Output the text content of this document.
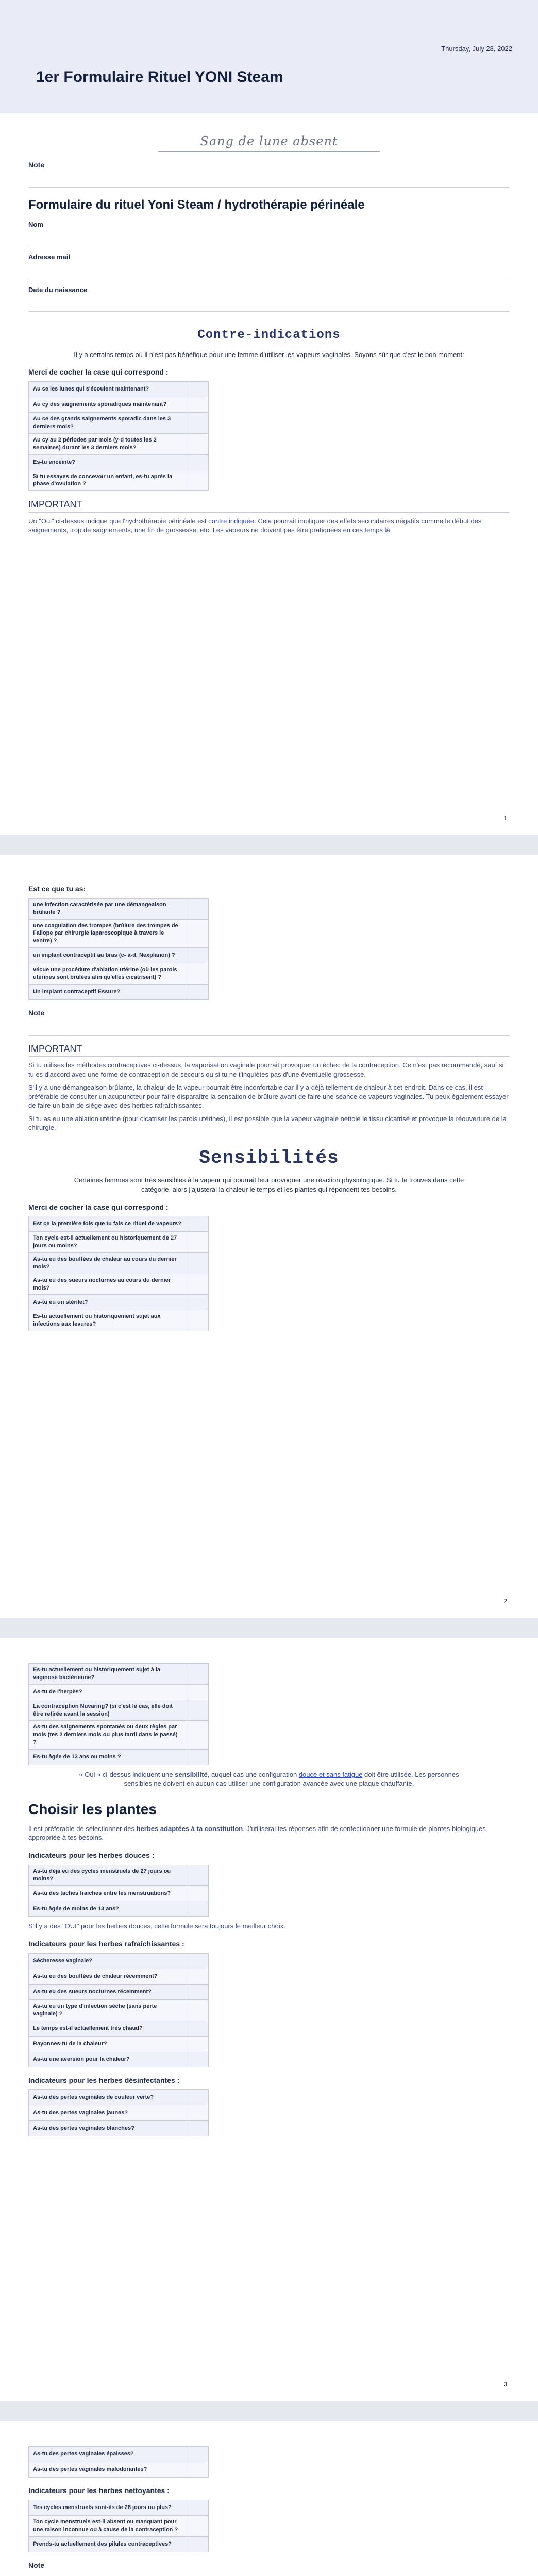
Thursday, July 28, 2022
1er Formulaire Rituel YONI Steam
Sang de lune absent
Note
Formulaire du rituel Yoni Steam / hydrothérapie périnéale
Nom
Adresse mail
Date du naissance
Contre-indications
Il y a certains temps où il n'est pas bénéfique pour une femme d'utiliser les vapeurs vaginales. Soyons sûr que c'est le bon moment:
Merci de cocher la case qui correspond :
Au ce les lunes qui s'écoulent maintenant?	
Au cy des saignements sporadiques maintenant?	
Au ce des grands saignements sporadic dans les 3 derniers mois?	
Au cy au 2 périodes par mois (y-d toutes les 2 semaines) durant les 3 derniers mois?	
Es-tu enceinte?	
Si tu essayes de concevoir un enfant, es-tu après la phase d'ovulation ?	
IMPORTANT
Un "Oui" ci-dessus indique que l'hydrothérapie périnéale est contre indiquée. Cela pourrait impliquer des effets secondaires négatifs comme le début des saignements, trop de saignements, une fin de grossesse, etc. Les vapeurs ne doivent pas être pratiquées en ces temps là.
1
Est ce que tu as:
une infection caractérisée par une démangeaison brûlante ?	
une coagulation des trompes (brûlure des trompes de Fallope par chirurgie laparoscopique à travers le ventre) ?	
un implant contraceptif au bras (c- à-d. Nexplanon) ?	
vécue une procédure d'ablation utérine (où les parois utérines sont brûlées afin qu'elles cicatrisent) ?	
Un implant contraceptif Essure?	
Note
IMPORTANT
Si tu utilises les méthodes contraceptives ci-dessus, la vaporisation vaginale pourrait provoquer un échec de la contraception. Ce n'est pas recommandé, sauf si tu es d'accord avec une forme de contraception de secours ou si tu ne t'inquiètes pas d'une éventuelle grossesse.
S'il y a une démangeaison brûlante, la chaleur de la vapeur pourrait être inconfortable car il y a déjà tellement de chaleur à cet endroit. Dans ce cas, il est préférable de consulter un acupuncteur pour faire disparaître la sensation de brûlure avant de faire une séance de vapeurs vaginales. Tu peux également essayer de faire un bain de siège avec des herbes rafraîchissantes.
Si tu as eu une ablation utérine (pour cicatriser les parois utérines), il est possible que la vapeur vaginale nettoie le tissu cicatrisé et provoque la réouverture de la chirurgie.
Sensibilités
Certaines femmes sont très sensibles à la vapeur qui pourrait leur provoquer une réaction physiologique. Si tu te trouves dans cette catégorie, alors j'ajusterai la chaleur le temps et les plantes qui répondent tes besoins.
Merci de cocher la case qui correspond :
Est ce la première fois que tu fais ce rituel de vapeurs?	
Ton cycle est-il actuellement ou historiquement de 27 jours ou moins?	
As-tu eu des bouffées de chaleur au cours du dernier mois?	
As-tu eu des sueurs nocturnes au cours du dernier mois?	
As-tu eu un stérilet?	
Es-tu actuellement ou historiquement sujet aux infections aux levures?	
2
Es-tu actuellement ou historiquement sujet à la vaginose bactérienne?	
As-tu de l'herpès?	
La contraception Nuvaring? (si c'est le cas, elle doit être retirée avant la session)	
As-tu des saignements spontanés ou deux règles par mois (tes 2 derniers mois ou plus tardi dans le passé) ?	
Es-tu âgée de 13 ans ou moins ?	
« Oui » ci-dessus indiquent une sensibilité, auquel cas une configuration douce et sans fatigue doit être utilisée. Les personnes sensibles ne doivent en aucun cas utiliser une configuration avancée avec une plaque chauffante.
Choisir les plantes
Il est préférable de sélectionner des herbes adaptées à ta constitution. J'utiliserai tes réponses afin de confectionner une formule de plantes biologiques appropriée à tes besoins.
Indicateurs pour les herbes douces :
As-tu déjà eu des cycles menstruels de 27 jours ou moins?	
As-tu des taches fraiches entre les menstruations?	
Es-tu âgée de moins de 13 ans?	
S'il y a des "OUI" pour les herbes douces, cette formule sera toujours le meilleur choix.
Indicateurs pour les herbes rafraîchissantes :
Sécheresse vaginale?	
As-tu eu des bouffées de chaleur récemment?	
As-tu eu des sueurs nocturnes récemment?	
As-tu eu un type d'infection sèche (sans perte vaginale) ?	
Le temps est-il actuellement très chaud?	
Rayonnes-tu de la chaleur?	
As-tu une aversion pour la chaleur?	
Indicateurs pour les herbes désinfectantes :
As-tu des pertes vaginales de couleur verte?	
As-tu des pertes vaginales jaunes?	
As-tu des pertes vaginales blanches?	
3
As-tu des pertes vaginales épaisses?	
As-tu des pertes vaginales malodorantes?	
Indicateurs pour les herbes nettoyantes :
Tes cycles menstruels sont-ils de 28 jours ou plus?	
Ton cycle menstruels est-il absent ou manquant pour une raison inconnue ou à cause de la contraception ?	
Prends-tu actuellement des pilules contraceptives?	
Note
